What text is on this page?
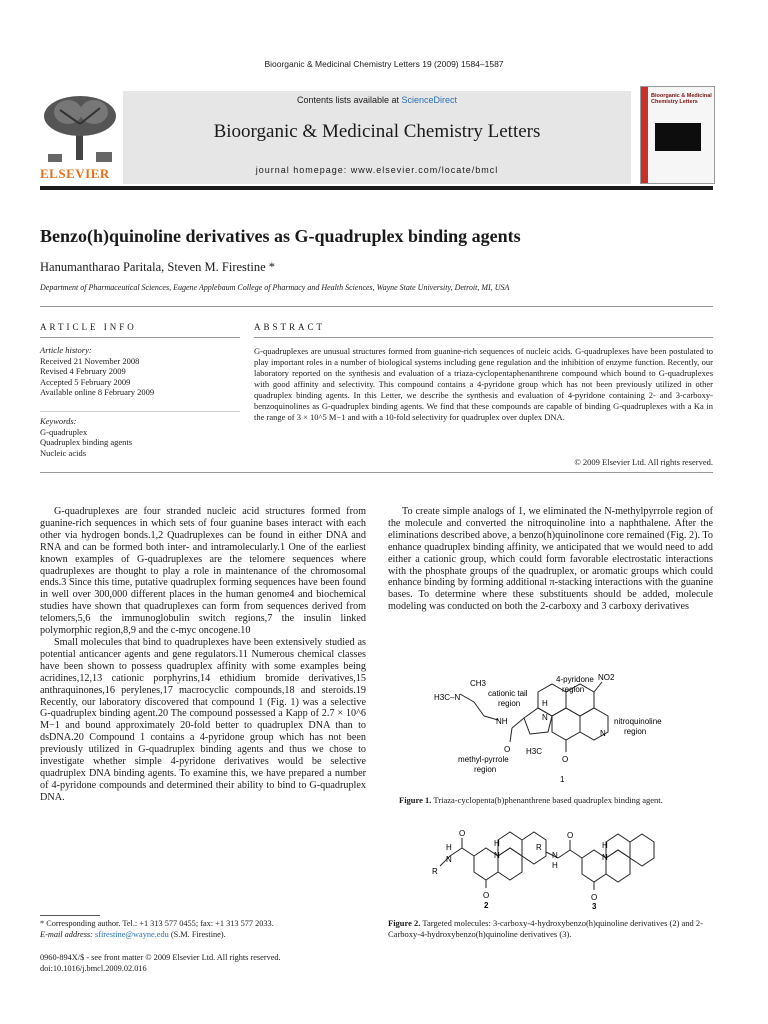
Bioorganic & Medicinal Chemistry Letters 19 (2009) 1584–1587
ELSEVIER
Contents lists available at ScienceDirect
Bioorganic & Medicinal Chemistry Letters
journal homepage: www.elsevier.com/locate/bmcl
Bioorganic & Medicinal Chemistry Letters
Benzo(h)quinoline derivatives as G-quadruplex binding agents
Hanumantharao Paritala, Steven M. Firestine *
Department of Pharmaceutical Sciences, Eugene Applebaum College of Pharmacy and Health Sciences, Wayne State University, Detroit, MI, USA
ARTICLE INFO	ABSTRACT
Article history:
Received 21 November 2008
Revised 4 February 2009
Accepted 5 February 2009
Available online 8 February 2009
Keywords:
G-quadruplex
Quadruplex binding agents
Nucleic acids
G-quadruplexes are unusual structures formed from guanine-rich sequences of nucleic acids. G-quadruplexes have been postulated to play important roles in a number of biological systems including gene regulation and the inhibition of enzyme function. Recently, our laboratory reported on the synthesis and evaluation of a triaza-cyclopentaphenanthrene compound which bound to G-quadruplexes with good affinity and selectivity. This compound contains a 4-pyridone group which has not been previously utilized in other quadruplex binding agents. In this Letter, we describe the synthesis and evaluation of 4-pyridone containing 2- and 3-carboxy-benzoquinolines as G-quadruplex binding agents. We find that these compounds are capable of binding G-quadruplexes with a Ka in the range of 3 × 10^5 M−1 and with a 10-fold selectivity for quadruplex over duplex DNA.
© 2009 Elsevier Ltd. All rights reserved.

G-quadruplexes are four stranded nucleic acid structures formed from guanine-rich sequences in which sets of four guanine bases interact with each other via hydrogen bonds.1,2 Quadruplexes can be found in either DNA and RNA and can be formed both inter- and intramolecularly.1 One of the earliest known examples of G-quadruplexes are the telomere sequences where quadruplexes are thought to play a role in maintenance of the chromosomal ends.3 Since this time, putative quadruplex forming sequences have been found in well over 300,000 different places in the human genome4 and biochemical studies have shown that quadruplexes can form from sequences derived from telomers,5,6 the immunoglobulin switch regions,7 the insulin linked polymorphic region,8,9 and the c-myc oncogene.10

Small molecules that bind to quadruplexes have been extensively studied as potential anticancer agents and gene regulators.11 Numerous chemical classes have been shown to possess quadruplex affinity with some examples being acridines,12,13 cationic porphyrins,14 ethidium bromide derivatives,15 anthraquinones,16 perylenes,17 macrocyclic compounds,18 and steroids.19 Recently, our laboratory discovered that compound 1 (Fig. 1) was a selective G-quadruplex binding agent.20 The compound possessed a Kapp of 2.7 × 10^6 M−1 and bound approximately 20-fold better to quadruplex DNA than to dsDNA.20 Compound 1 contains a 4-pyridone group which has not been previously utilized in G-quadruplex binding agents and thus we chose to investigate whether simple 4-pyridone derivatives would be selective quadruplex DNA binding agents. To examine this, we have prepared a number of 4-pyridone compounds and determined their ability to bind to G-quadruplex DNA.

To create simple analogs of 1, we eliminated the N-methylpyrrole region of the molecule and converted the nitroquinoline into a naphthalene. After the eliminations described above, a benzo(h)quinolinone core remained (Fig. 2). To enhance quadruplex binding affinity, we anticipated that we would need to add either a cationic group, which could form favorable electrostatic interactions with the phosphate groups of the quadruplex, or aromatic groups which could enhance binding by forming additional π-stacking interactions with the guanine bases. To determine where these substituents should be added, molecule modeling was conducted on both the 2-carboxy and 3 carboxy derivatives

CH3
H3C–N	cationic tail
region
4-pyridone
region
NO2
NH
H
N
N
O
O
H3C
nitroquinoline
region
methyl-pyrrole
region
1
Figure 1. Triaza-cyclopenta(b)phenanthrene based quadruplex binding agent.
R
H
N
O
O
H
N
2
R
H
N
O
O
H
N
3
Figure 2. Targeted molecules: 3-carboxy-4-hydroxybenzo(h)quinoline derivatives (2) and 2-Carboxy-4-hydroxybenzo(h)quinoline derivatives (3).
* Corresponding author. Tel.: +1 313 577 0455; fax: +1 313 577 2033.
E-mail address: sfirestine@wayne.edu (S.M. Firestine).
0960-894X/$ - see front matter © 2009 Elsevier Ltd. All rights reserved.
doi:10.1016/j.bmcl.2009.02.016
